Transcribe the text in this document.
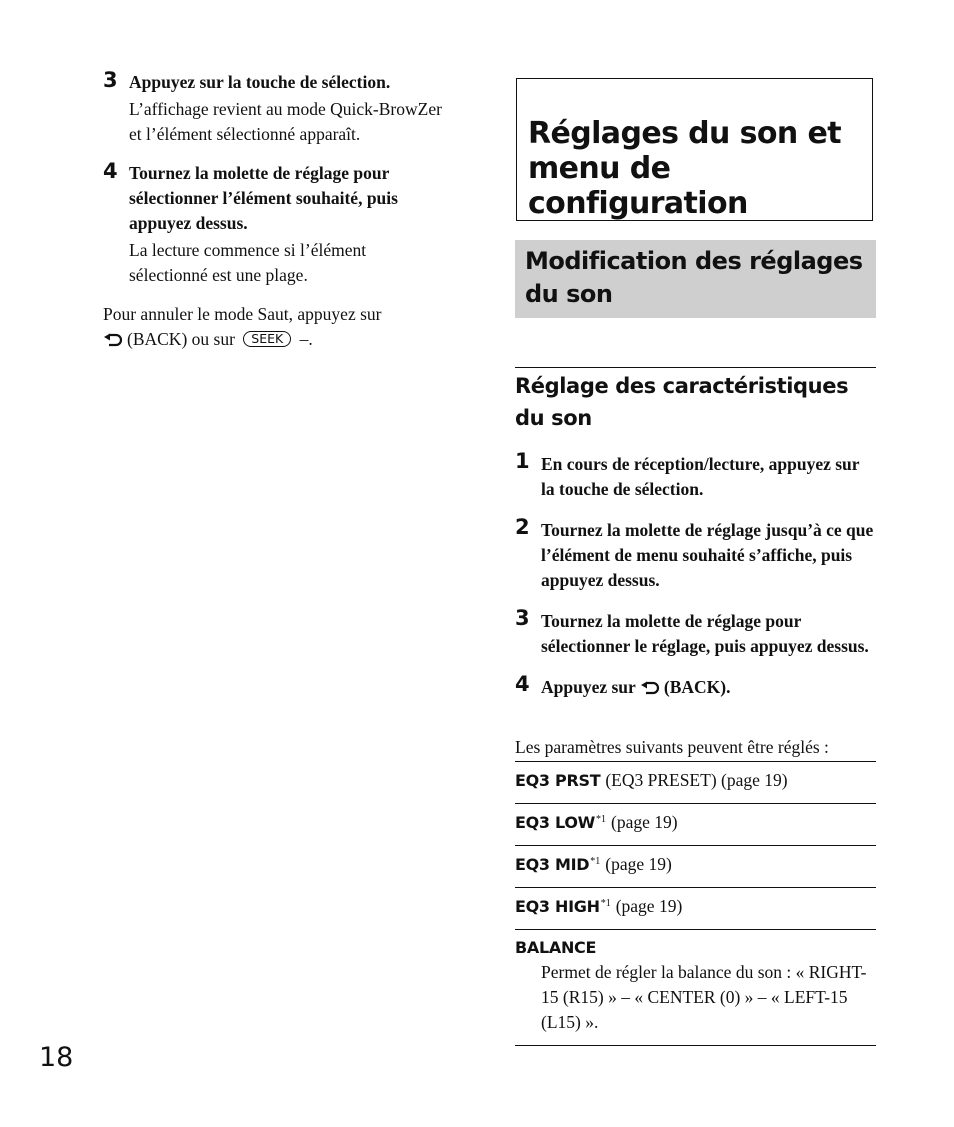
3 Appuyez sur la touche de sélection.
L’affichage revient au mode Quick-BrowZer et l’élément sélectionné apparaît.
4 Tournez la molette de réglage pour sélectionner l’élément souhaité, puis appuyez dessus.
La lecture commence si l’élément sélectionné est une plage.
Pour annuler le mode Saut, appuyez sur
(BACK) ou sur SEEK –.
Réglages du son et
menu de
configuration
Modification des réglages
du son
Réglage des caractéristiques
du son
1 En cours de réception/lecture, appuyez sur la touche de sélection.
2 Tournez la molette de réglage jusqu’à ce que l’élément de menu souhaité s’affiche, puis appuyez dessus.
3 Tournez la molette de réglage pour sélectionner le réglage, puis appuyez dessus.
4 Appuyez sur (BACK).
Les paramètres suivants peuvent être réglés :
EQ3 PRST (EQ3 PRESET) (page 19)
EQ3 LOW$^{*1}$ (page 19)
EQ3 MID$^{*1}$ (page 19)
EQ3 HIGH$^{*1}$ (page 19)
BALANCE
Permet de régler la balance du son : « RIGHT-15 (R15) » – « CENTER (0) » – « LEFT-15 (L15) ».
18
